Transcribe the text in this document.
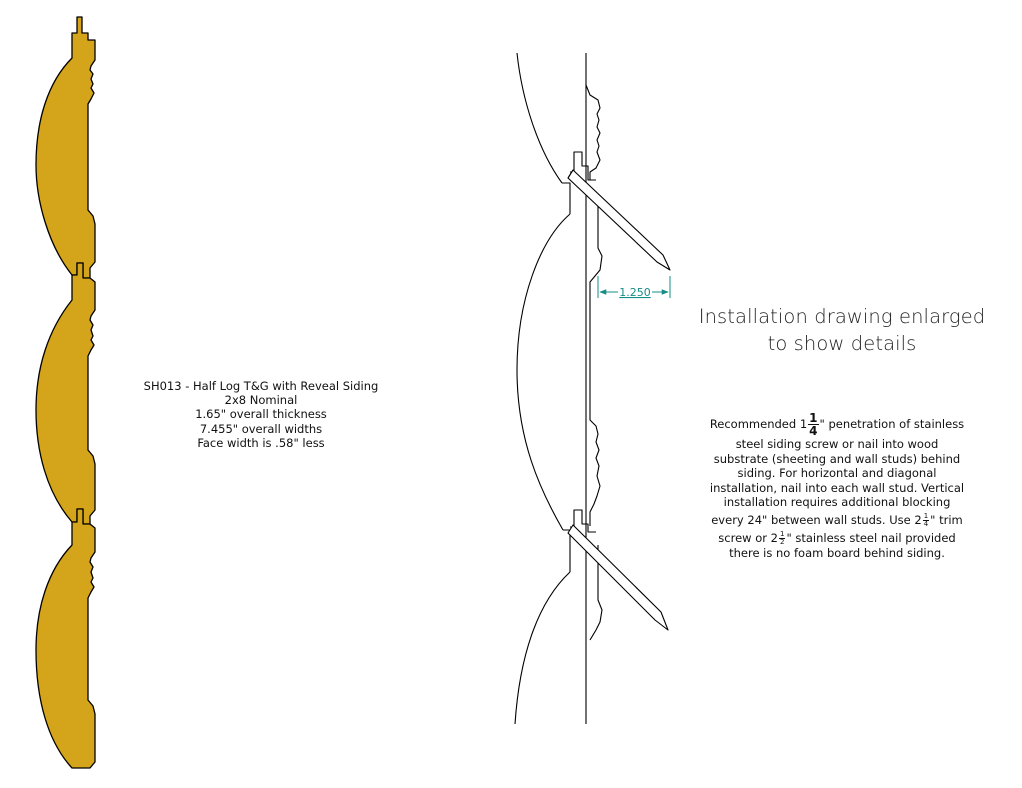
1.250
SH013 - Half Log T&G with Reveal Siding
2x8 Nominal
1.65" overall thickness
7.455" overall widths
Face width is .58" less
Installation drawing enlarged
to show details
Recommended $1 \frac{1}{4}$ " penetration of stainless
steel siding screw or nail into wood
substrate (sheeting and wall studs) behind
siding. For horizontal and diagonal
installation, nail into each wall stud. Vertical
installation requires additional blocking
every 24" between wall studs. Use $2 \frac{1}{4}$ " trim
screw or $2 \frac{1}{2}$ " stainless steel nail provided
there is no foam board behind siding.
